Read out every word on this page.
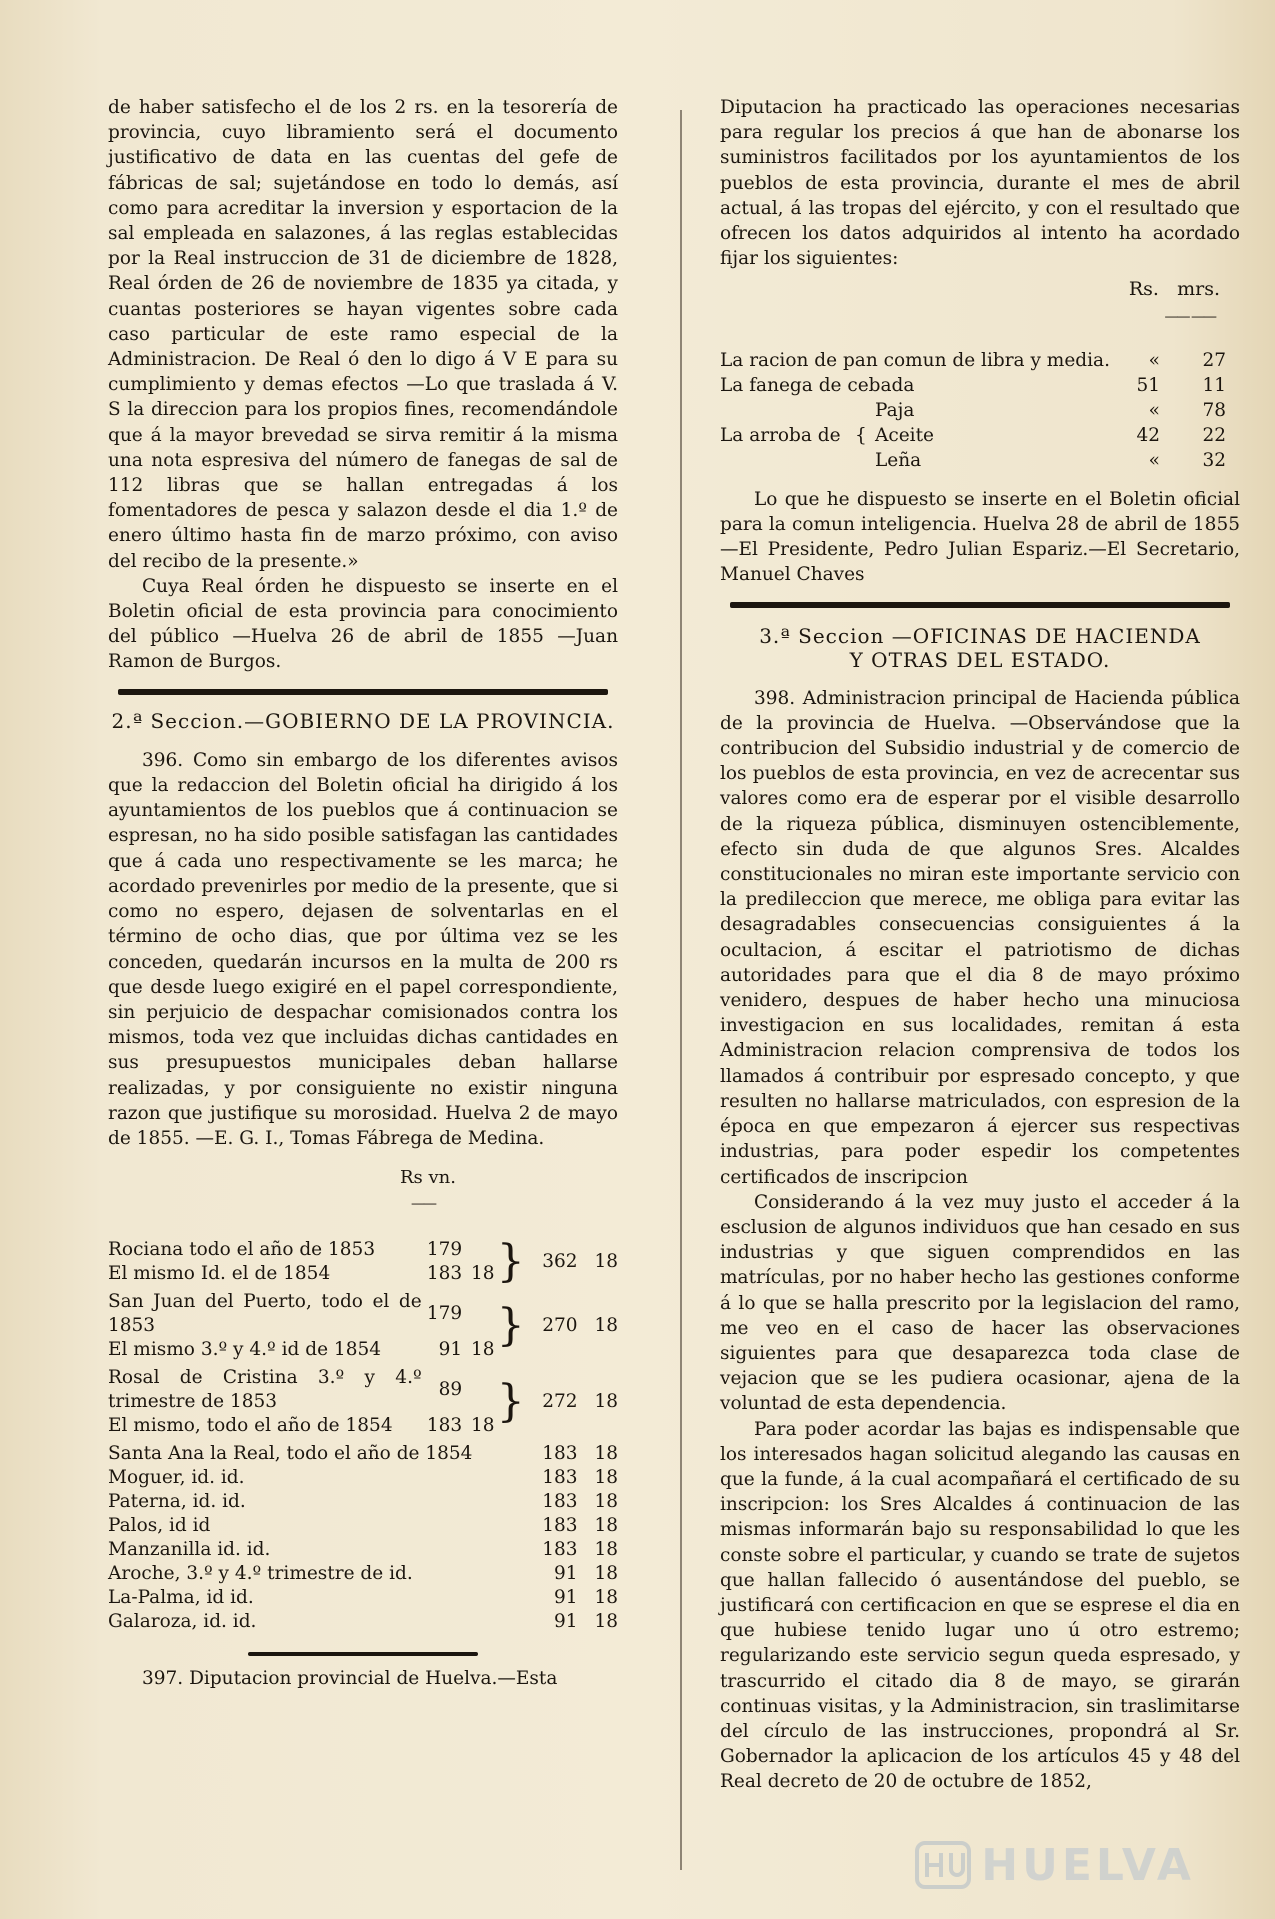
de haber satisfecho el de los 2 rs. en la tesorería de provincia, cuyo libramiento será el documento justificativo de data en las cuentas del gefe de fábricas de sal; sujetándose en todo lo demás, así como para acreditar la inversion y esportacion de la sal empleada en salazones, á las reglas establecidas por la Real instruccion de 31 de diciembre de 1828, Real órden de 26 de noviembre de 1835 ya citada, y cuantas posteriores se hayan vigentes sobre cada caso particular de este ramo especial de la Administracion. De Real ó den lo digo á V E para su cumplimiento y demas efectos —Lo que traslada á V. S la direccion para los propios fines, recomendándole que á la mayor brevedad se sirva remitir á la misma una nota espresiva del número de fanegas de sal de 112 libras que se hallan entregadas á los fomentadores de pesca y salazon desde el dia 1.º de enero último hasta fin de marzo próximo, con aviso del recibo de la presente.»

Cuya Real órden he dispuesto se inserte en el Boletin oficial de esta provincia para conocimiento del público —Huelva 26 de abril de 1855 —Juan Ramon de Burgos.

2.ª Seccion.—GOBIERNO DE LA PROVINCIA.

396. Como sin embargo de los diferentes avisos que la redaccion del Boletin oficial ha dirigido á los ayuntamientos de los pueblos que á continuacion se espresan, no ha sido posible satisfagan las cantidades que á cada uno respectivamente se les marca; he acordado prevenirles por medio de la presente, que si como no espero, dejasen de solventarlas en el término de ocho dias, que por última vez se les conceden, quedarán incursos en la multa de 200 rs que desde luego exigiré en el papel correspondiente, sin perjuicio de despachar comisionados contra los mismos, toda vez que incluidas dichas cantidades en sus presupuestos municipales deban hallarse realizadas, y por consiguiente no existir ninguna razon que justifique su morosidad. Huelva 2 de mayo de 1855. —E. G. I., Tomas Fábrega de Medina.

Rs vn.

——

Rociana todo el año de 1853	179		}	362	18
El mismo Id. el de 1854	183	18			

San Juan del Puerto, todo el de 1853	179		}	270	18
El mismo 3.º y 4.º id de 1854	91	18			

Rosal de Cristina 3.º y 4.º trimestre de 1853	89		}	272	18
El mismo, todo el año de 1854	183	18			

Santa Ana la Real, todo el año de 1854				183	18
Moguer, id. id.				183	18
Paterna, id. id.				183	18
Palos, id id				183	18
Manzanilla id. id.				183	18
Aroche, 3.º y 4.º trimestre de id.				91	18
La-Palma, id id.				91	18
Galaroza, id. id.				91	18

397. Diputacion provincial de Huelva.—Esta

Diputacion ha practicado las operaciones necesarias para regular los precios á que han de abonarse los suministros facilitados por los ayuntamientos de los pueblos de esta provincia, durante el mes de abril actual, á las tropas del ejército, y con el resultado que ofrecen los datos adquiridos al intento ha acordado fijar los siguientes:

Rs. mrs.

—— ——

La racion de pan comun de libra y media.			«	27
La fanega de cebada			51	11
La arroba de	{	Paja	«	78
		Aceite	42	22
		Leña	«	32

Lo que he dispuesto se inserte en el Boletin oficial para la comun inteligencia. Huelva 28 de abril de 1855 —El Presidente, Pedro Julian Espariz.—El Secretario, Manuel Chaves

3.ª Seccion —OFICINAS DE HACIENDA
Y OTRAS DEL ESTADO.

398. Administracion principal de Hacienda pública de la provincia de Huelva. —Observándose que la contribucion del Subsidio industrial y de comercio de los pueblos de esta provincia, en vez de acrecentar sus valores como era de esperar por el visible desarrollo de la riqueza pública, disminuyen ostenciblemente, efecto sin duda de que algunos Sres. Alcaldes constitucionales no miran este importante servicio con la predileccion que merece, me obliga para evitar las desagradables consecuencias consiguientes á la ocultacion, á escitar el patriotismo de dichas autoridades para que el dia 8 de mayo próximo venidero, despues de haber hecho una minuciosa investigacion en sus localidades, remitan á esta Administracion relacion comprensiva de todos los llamados á contribuir por espresado concepto, y que resulten no hallarse matriculados, con espresion de la época en que empezaron á ejercer sus respectivas industrias, para poder espedir los competentes certificados de inscripcion

Considerando á la vez muy justo el acceder á la esclusion de algunos individuos que han cesado en sus industrias y que siguen comprendidos en las matrículas, por no haber hecho las gestiones conforme á lo que se halla prescrito por la legislacion del ramo, me veo en el caso de hacer las observaciones siguientes para que desaparezca toda clase de vejacion que se les pudiera ocasionar, ajena de la voluntad de esta dependencia.

Para poder acordar las bajas es indispensable que los interesados hagan solicitud alegando las causas en que la funde, á la cual acompañará el certificado de su inscripcion: los Sres Alcaldes á continuacion de las mismas informarán bajo su responsabilidad lo que les conste sobre el particular, y cuando se trate de sujetos que hallan fallecido ó ausentándose del pueblo, se justificará con certificacion en que se esprese el dia en que hubiese tenido lugar uno ú otro estremo; regularizando este servicio segun queda espresado, y trascurrido el citado dia 8 de mayo, se girarán continuas visitas, y la Administracion, sin traslimitarse del círculo de las instrucciones, propondrá al Sr. Gobernador la aplicacion de los artículos 45 y 48 del Real decreto de 20 de octubre de 1852,

HUELVA
